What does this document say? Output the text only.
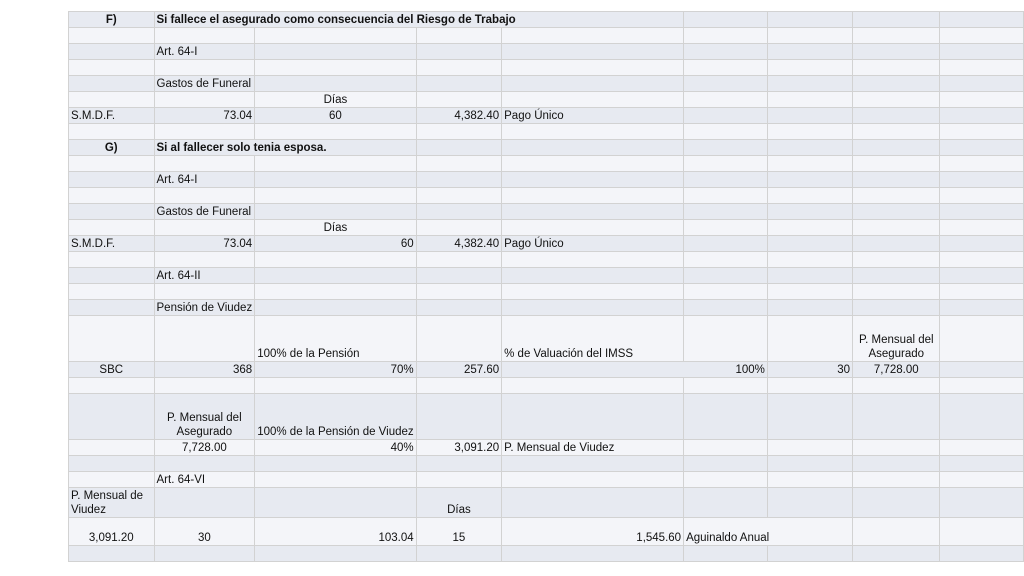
F)	Si fallece el asegurado como consecuencia del Riesgo de Trabajo							

	Art. 64-I							

	Gastos de Funeral							
		Días						
S.M.D.F.	73.04	60	4,382.40	Pago Único				

G)	Si al fallecer solo tenia esposa.							

	Art. 64-I							

	Gastos de Funeral							
		Días						
S.M.D.F.	73.04	60	4,382.40	Pago Único				

	Art. 64-II							

	Pensión de Viudez							
		100% de la Pensión		% de Valuación del IMSS			P. Mensual del Asegurado	
SBC	368	70%	257.60	100%		30	7,728.00	

	P. Mensual del Asegurado	100% de la Pensión de Viudez						
	7,728.00	40%	3,091.20	P. Mensual de Viudez				

	Art. 64-VI							
P. Mensual de Viudez			Días					
3,091.20	30	103.04	15	1,545.60	Aguinaldo Anual			
